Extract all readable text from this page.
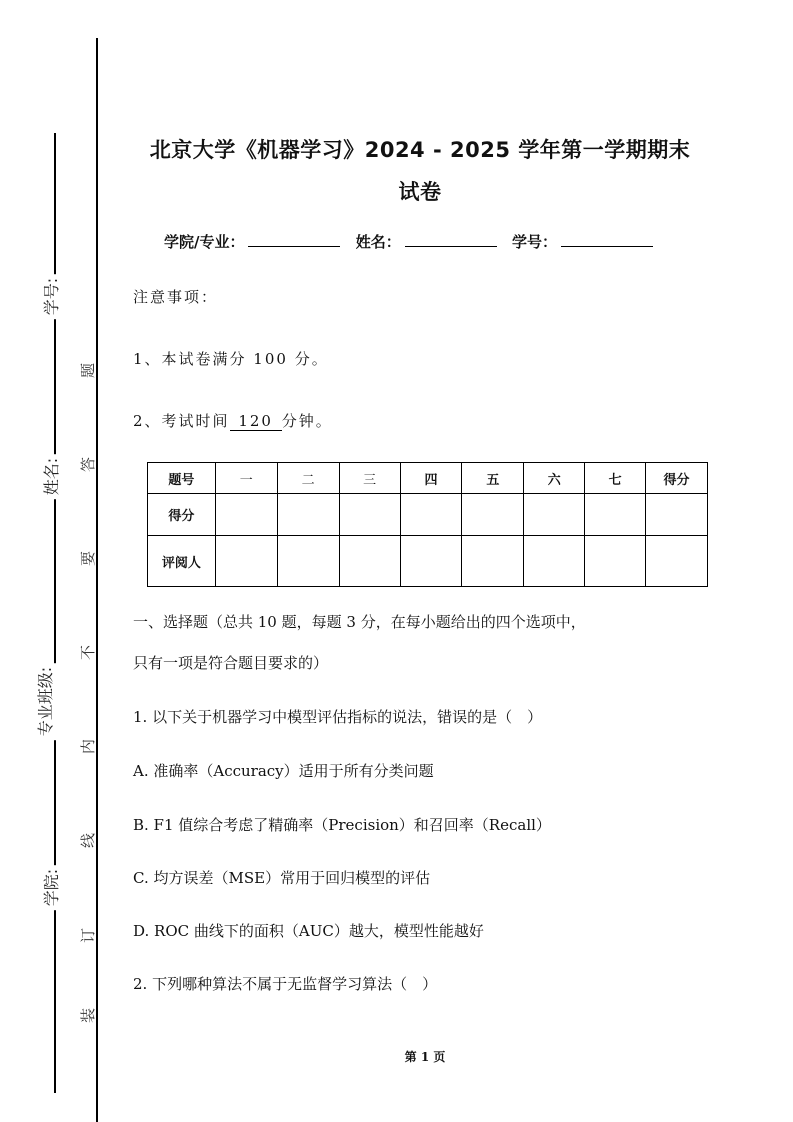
学号:
姓名:
专业班级:
学院:
题
答
要
不
内
线
订
装
北京大学《机器学习》2024 - 2025 学年第一学期期末
试卷
学院/专业：	姓名：	学号：
注意事项：
1、本试卷满分 100 分。
2、考试时间 120 分钟。
题号	一	二	三	四	五	六	七	得分
得分								
评阅人								
一、选择题（总共 10 题，每题 3 分，在每小题给出的四个选项中，
只有一项是符合题目要求的）
1. 以下关于机器学习中模型评估指标的说法，错误的是（　）
A. 准确率（Accuracy）适用于所有分类问题
B. F1 值综合考虑了精确率（Precision）和召回率（Recall）
C. 均方误差（MSE）常用于回归模型的评估
D. ROC 曲线下的面积（AUC）越大，模型性能越好
2. 下列哪种算法不属于无监督学习算法（　）
第 1 页
